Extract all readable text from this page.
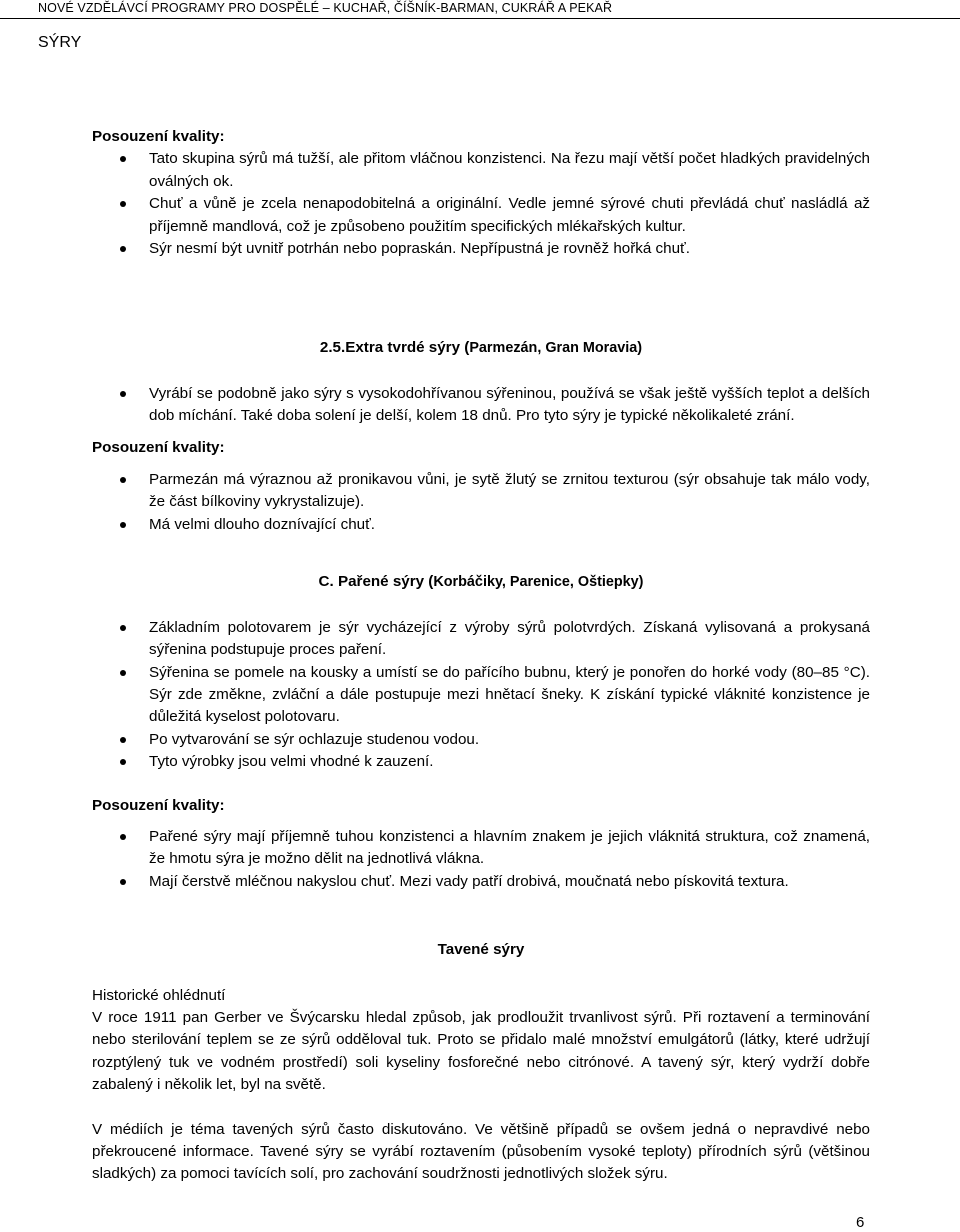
NOVÉ VZDĚLÁVCÍ PROGRAMY PRO DOSPĚLÉ – KUCHAŘ, ČÍŠNÍK-BARMAN, CUKRÁŘ A PEKAŘ
SÝRY

Posouzení kvality:

Tato skupina sýrů má tužší, ale přitom vláčnou konzistenci. Na řezu mají větší počet hladkých pravidelných oválných ok.
Chuť a vůně je zcela nenapodobitelná a originální. Vedle jemné sýrové chuti převládá chuť nasládlá až příjemně mandlová, což je způsobeno použitím specifických mlékařských kultur.
Sýr nesmí být uvnitř potrhán nebo popraskán. Nepřípustná je rovněž hořká chuť.

2.5.Extra tvrdé sýry (Parmezán, Gran Moravia)

Vyrábí se podobně jako sýry s vysokodohřívanou sýřeninou, používá se však ještě vyšších teplot a delších dob míchání. Také doba solení je delší, kolem 18 dnů. Pro tyto sýry je typické několikaleté zrání.

Posouzení kvality:

Parmezán má výraznou až pronikavou vůni, je sytě žlutý se zrnitou texturou (sýr obsahuje tak málo vody, že část bílkoviny vykrystalizuje).
Má velmi dlouho doznívající chuť.

C. Pařené sýry (Korbáčiky, Parenice, Oštiepky)

Základním polotovarem je sýr vycházející z výroby sýrů polotvrdých. Získaná vylisovaná a prokysaná sýřenina podstupuje proces paření.
Sýřenina se pomele na kousky a umístí se do pařícího bubnu, který je ponořen do horké vody (80–85 °C). Sýr zde změkne, zvláční a dále postupuje mezi hnětací šneky. K získání typické vláknité konzistence je důležitá kyselost polotovaru.
Po vytvarování se sýr ochlazuje studenou vodou.
Tyto výrobky jsou velmi vhodné k zauzení.

Posouzení kvality:

Pařené sýry mají příjemně tuhou konzistenci a hlavním znakem je jejich vláknitá struktura, což znamená, že hmotu sýra je možno dělit na jednotlivá vlákna.
Mají čerstvě mléčnou nakyslou chuť. Mezi vady patří drobivá, moučnatá nebo pískovitá textura.

Tavené sýry

Historické ohlédnutí

V roce 1911 pan Gerber ve Švýcarsku hledal způsob, jak prodloužit trvanlivost sýrů. Při roztavení a terminování nebo sterilování teplem se ze sýrů odděloval tuk. Proto se přidalo malé množství emulgátorů (látky, které udržují rozptýlený tuk ve vodném prostředí) soli kyseliny fosforečné nebo citrónové. A tavený sýr, který vydrží dobře zabalený i několik let, byl na světě.

V médiích je téma tavených sýrů často diskutováno. Ve většině případů se ovšem jedná o nepravdivé nebo překroucené informace. Tavené sýry se vyrábí roztavením (působením vysoké teploty) přírodních sýrů (většinou sladkých) za pomoci tavících solí, pro zachování soudržnosti jednotlivých složek sýru.

6
